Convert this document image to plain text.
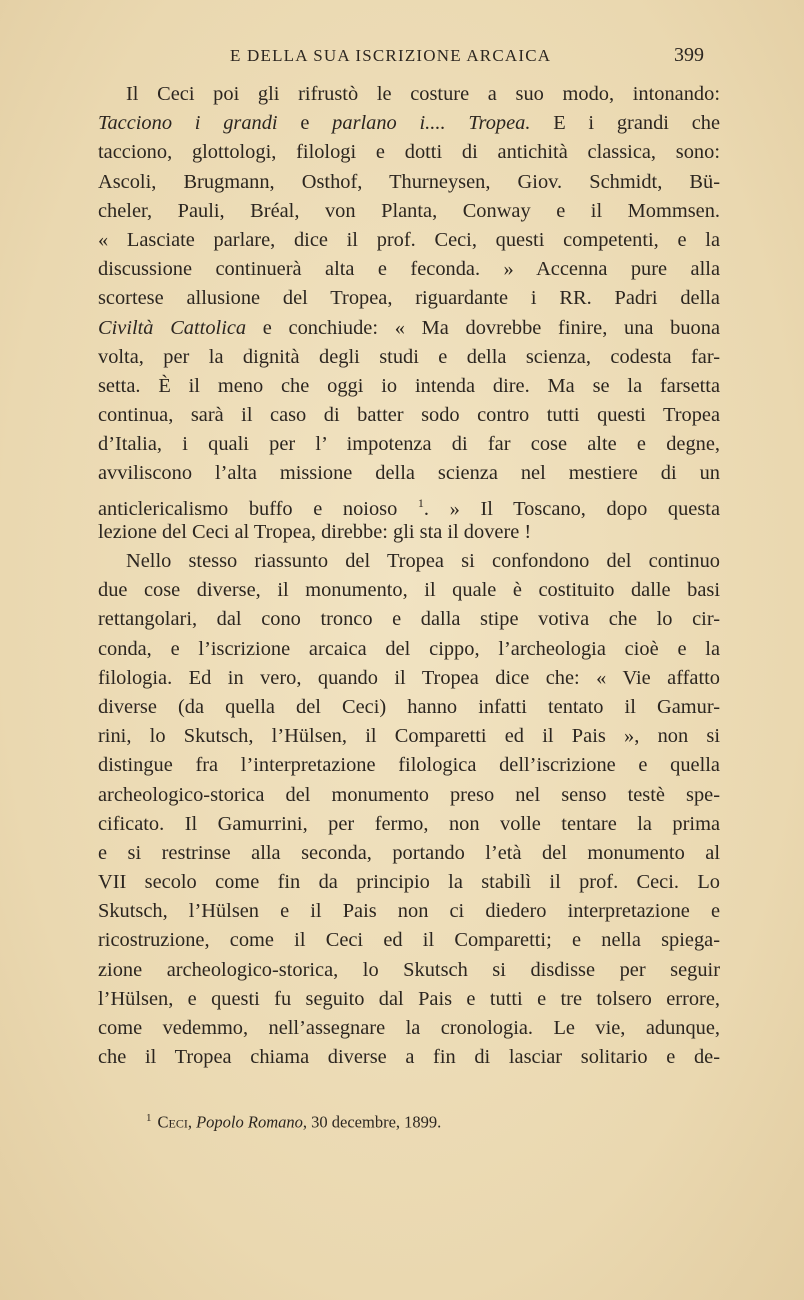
E DELLA SUA ISCRIZIONE ARCAICA	399
Il Ceci poi gli rifrustò le costure a suo modo, intonando:
Tacciono i grandi e parlano i.... Tropea. E i grandi che
tacciono, glottologi, filologi e dotti di antichità classica, sono:
Ascoli, Brugmann, Osthof, Thurneysen, Giov. Schmidt, Bü-
cheler, Pauli, Bréal, von Planta, Conway e il Mommsen.
« Lasciate parlare, dice il prof. Ceci, questi competenti, e la
discussione continuerà alta e feconda. » Accenna pure alla
scortese allusione del Tropea, riguardante i RR. Padri della
Civiltà Cattolica e conchiude: « Ma dovrebbe finire, una buona
volta, per la dignità degli studi e della scienza, codesta far-
setta. È il meno che oggi io intenda dire. Ma se la farsetta
continua, sarà il caso di batter sodo contro tutti questi Tropea
d’Italia, i quali per l’ impotenza di far cose alte e degne,
avviliscono l’alta missione della scienza nel mestiere di un
anticlericalismo buffo e noioso $^1$. » Il Toscano, dopo questa
lezione del Ceci al Tropea, direbbe: gli sta il dovere !
Nello stesso riassunto del Tropea si confondono del continuo
due cose diverse, il monumento, il quale è costituito dalle basi
rettangolari, dal cono tronco e dalla stipe votiva che lo cir-
conda, e l’iscrizione arcaica del cippo, l’archeologia cioè e la
filologia. Ed in vero, quando il Tropea dice che: « Vie affatto
diverse (da quella del Ceci) hanno infatti tentato il Gamur-
rini, lo Skutsch, l’Hülsen, il Comparetti ed il Pais », non si
distingue fra l’interpretazione filologica dell’iscrizione e quella
archeologico-storica del monumento preso nel senso testè spe-
cificato. Il Gamurrini, per fermo, non volle tentare la prima
e si restrinse alla seconda, portando l’età del monumento al
VII secolo come fin da principio la stabilì il prof. Ceci. Lo
Skutsch, l’Hülsen e il Pais non ci diedero interpretazione e
ricostruzione, come il Ceci ed il Comparetti; e nella spiega-
zione archeologico-storica, lo Skutsch si disdisse per seguir
l’Hülsen, e questi fu seguito dal Pais e tutti e tre tolsero errore,
come vedemmo, nell’assegnare la cronologia. Le vie, adunque,
che il Tropea chiama diverse a fin di lasciar solitario e de-
$^1$ Ceci, Popolo Romano, 30 decembre, 1899.
